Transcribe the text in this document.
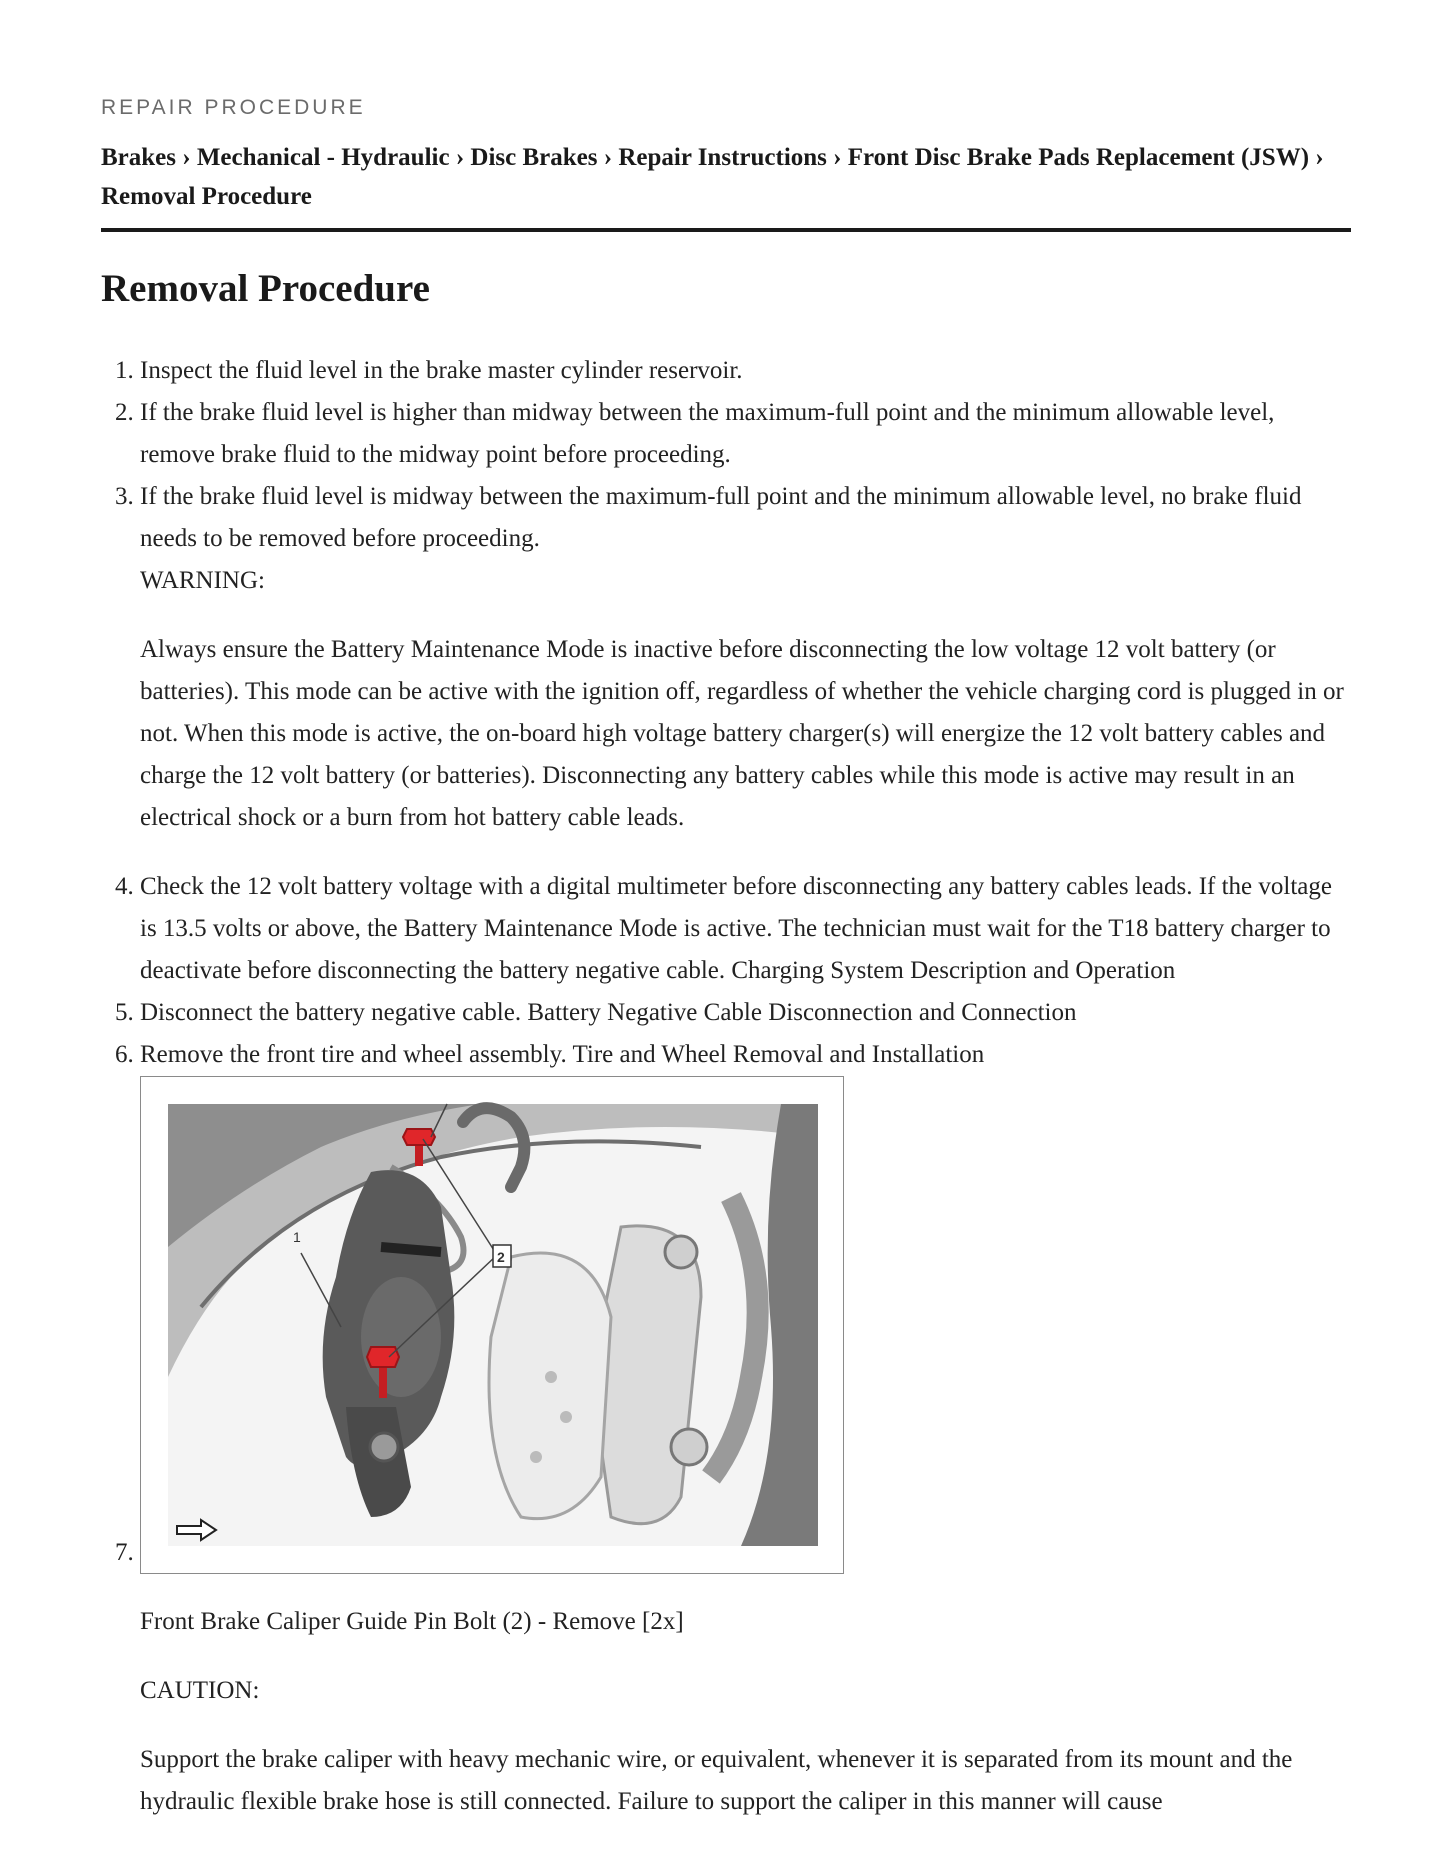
REPAIR PROCEDURE
Brakes › Mechanical - Hydraulic › Disc Brakes › Repair Instructions › Front Disc Brake Pads Replacement (JSW) › Removal Procedure
Removal Procedure
1. Inspect the fluid level in the brake master cylinder reservoir.
2. If the brake fluid level is higher than midway between the maximum-full point and the minimum allowable level, remove brake fluid to the midway point before proceeding.
3. If the brake fluid level is midway between the maximum-full point and the minimum allowable level, no brake fluid needs to be removed before proceeding.
WARNING:
Always ensure the Battery Maintenance Mode is inactive before disconnecting the low voltage 12 volt battery (or batteries). This mode can be active with the ignition off, regardless of whether the vehicle charging cord is plugged in or not. When this mode is active, the on-board high voltage battery charger(s) will energize the 12 volt battery cables and charge the 12 volt battery (or batteries). Disconnecting any battery cables while this mode is active may result in an electrical shock or a burn from hot battery cable leads.
4. Check the 12 volt battery voltage with a digital multimeter before disconnecting any battery cables leads. If the voltage is 13.5 volts or above, the Battery Maintenance Mode is active. The technician must wait for the T18 battery charger to deactivate before disconnecting the battery negative cable. Charging System Description and Operation
5. Disconnect the battery negative cable. Battery Negative Cable Disconnection and Connection
6. Remove the front tire and wheel assembly. Tire and Wheel Removal and Installation
7. 1
2
Front Brake Caliper Guide Pin Bolt (2) - Remove [2x]
CAUTION:
Support the brake caliper with heavy mechanic wire, or equivalent, whenever it is separated from its mount and the hydraulic flexible brake hose is still connected. Failure to support the caliper in this manner will cause
